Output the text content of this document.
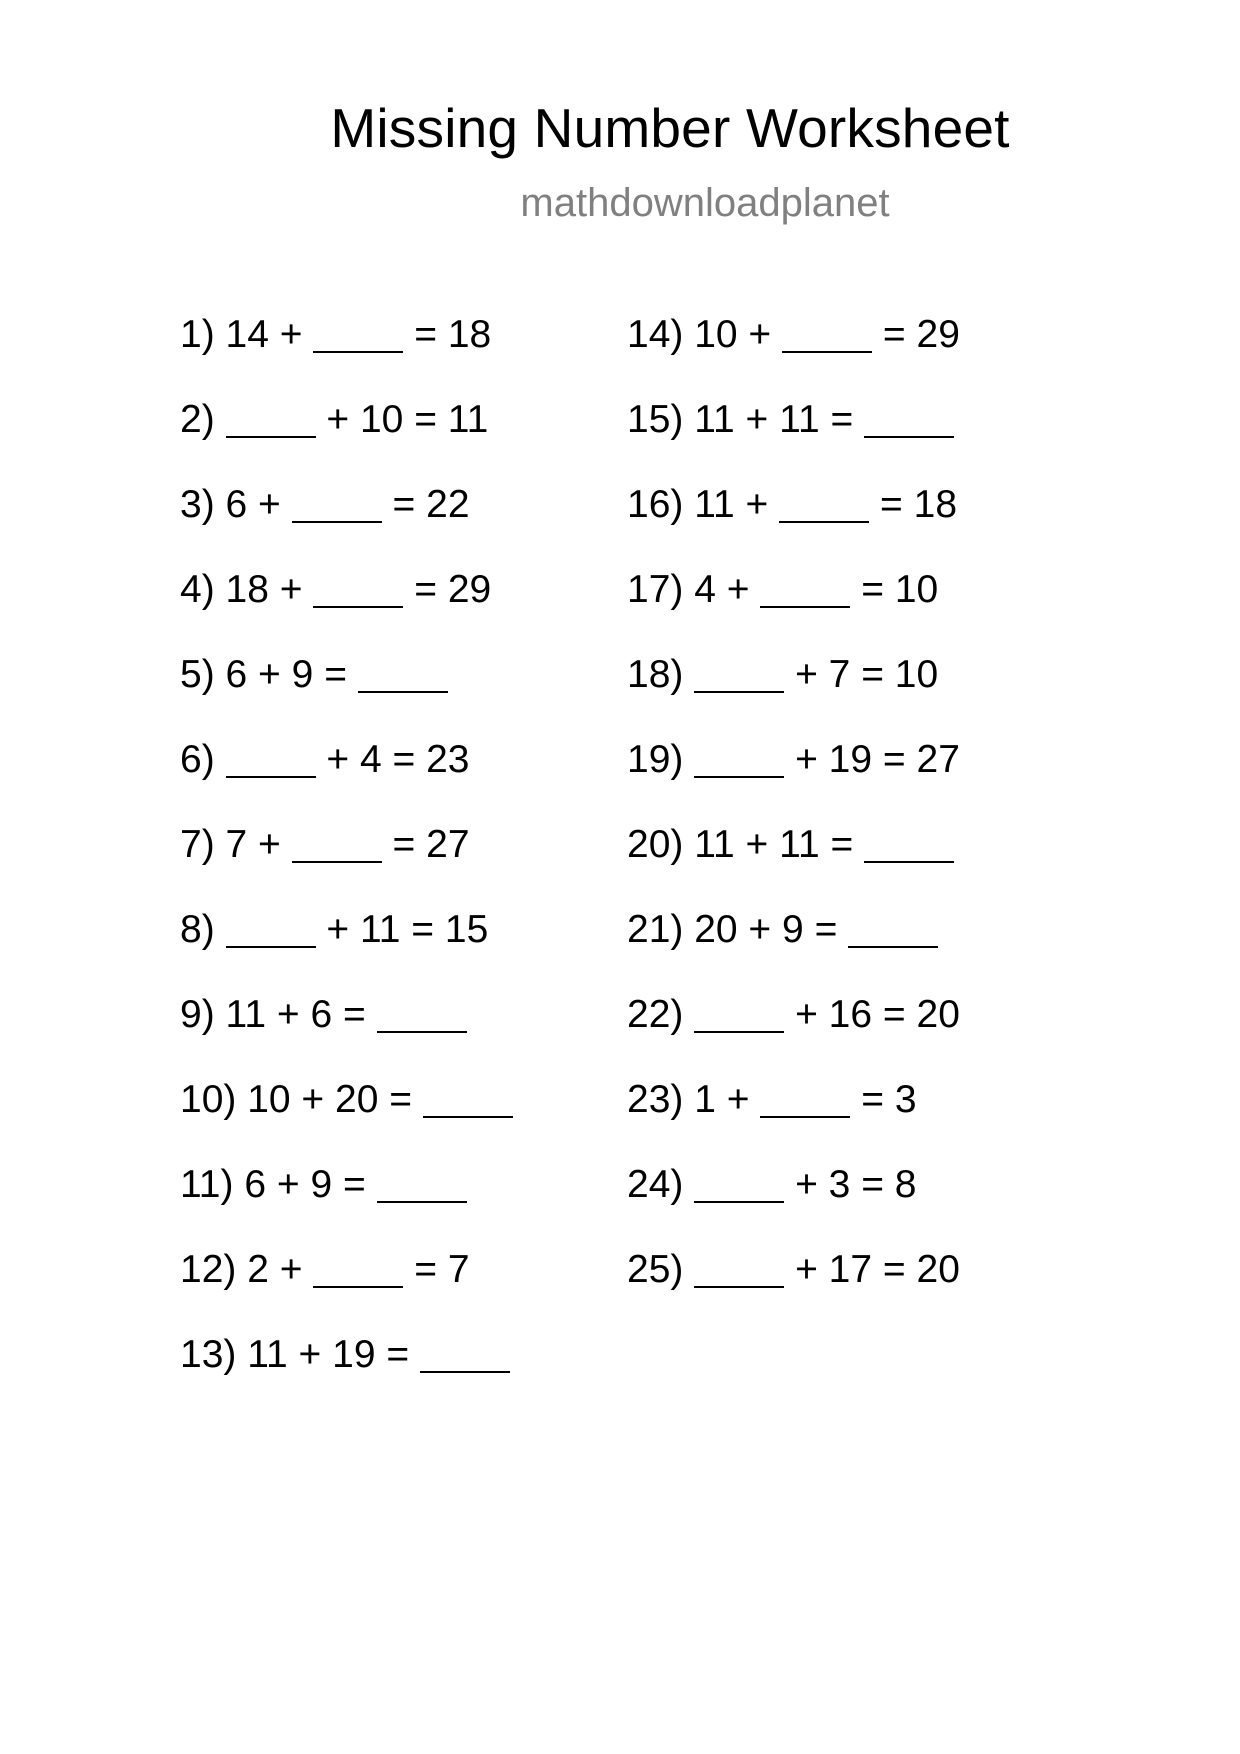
Missing Number Worksheet
mathdownloadplanet
1) 14 +	= 18
2)	+ 10 = 11
3) 6 +	= 22
4) 18 +	= 29
5) 6 + 9 =
6)	+ 4 = 23
7) 7 +	= 27
8)	+ 11 = 15
9) 11 + 6 =
10) 10 + 20 =
11) 6 + 9 =
12) 2 +	= 7
13) 11 + 19 =
14) 10 +	= 29
15) 11 + 11 =
16) 11 +	= 18
17) 4 +	= 10
18)	+ 7 = 10
19)	+ 19 = 27
20) 11 + 11 =
21) 20 + 9 =
22)	+ 16 = 20
23) 1 +	= 3
24)	+ 3 = 8
25)	+ 17 = 20
